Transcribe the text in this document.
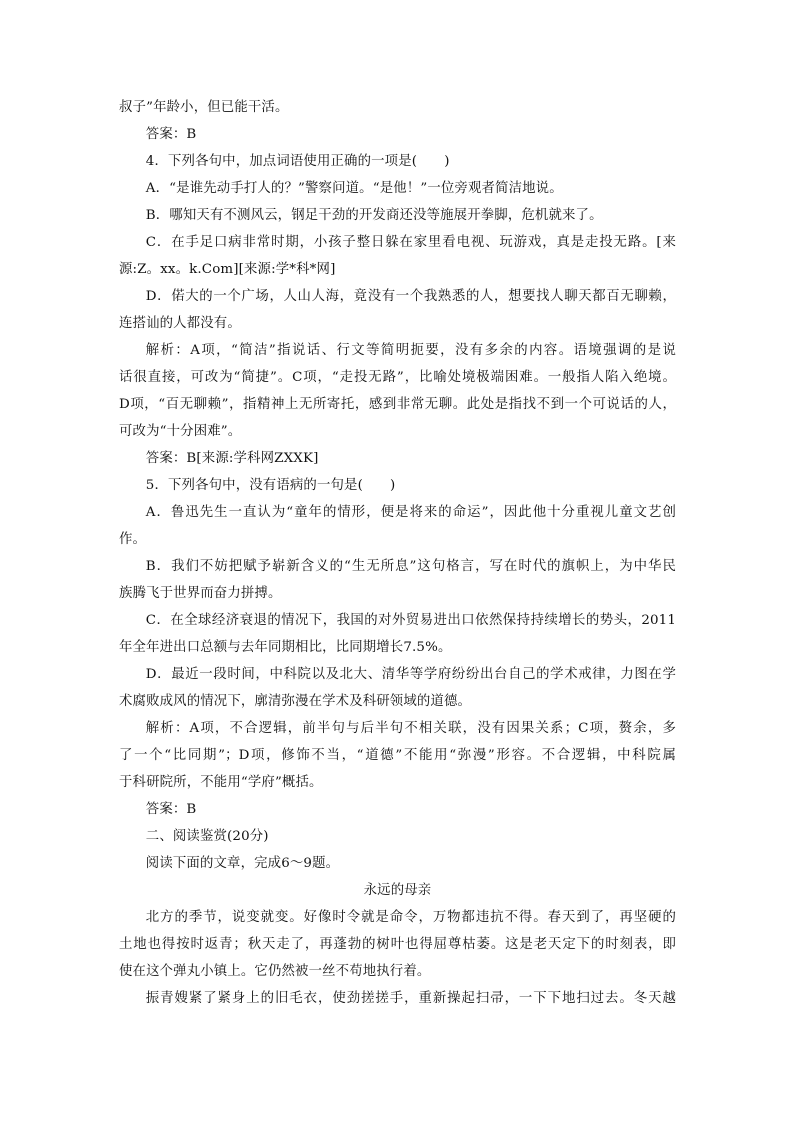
叔子”年龄小，但已能干活。

答案：B

4．下列各句中，加点词语使用正确的一项是(　　)

A．“是谁先动手打人的？”警察问道。“是他！”一位旁观者简洁地说。

B．哪知天有不测风云，钢足干劲的开发商还没等施展开拳脚，危机就来了。

C．在手足口病非常时期，小孩子整日躲在家里看电视、玩游戏，真是走投无路。[来

源:Z。xx。k.Com][来源:学*科*网]

D．偌大的一个广场，人山人海，竟没有一个我熟悉的人，想要找人聊天都百无聊赖，

连搭讪的人都没有。

解析：A项，“简洁”指说话、行文等简明扼要，没有多余的内容。语境强调的是说

话很直接，可改为“简捷”。C项，“走投无路”，比喻处境极端困难。一般指人陷入绝境。

D项，“百无聊赖”，指精神上无所寄托，感到非常无聊。此处是指找不到一个可说话的人，

可改为“十分困难”。

答案：B[来源:学科网ZXXK]

5．下列各句中，没有语病的一句是(　　)

A．鲁迅先生一直认为“童年的情形，便是将来的命运”，因此他十分重视儿童文艺创

作。

B．我们不妨把赋予崭新含义的“生无所息”这句格言，写在时代的旗帜上，为中华民

族腾飞于世界而奋力拼搏。

C．在全球经济衰退的情况下，我国的对外贸易进出口依然保持持续增长的势头，2011

年全年进出口总额与去年同期相比，比同期增长7.5%。

D．最近一段时间，中科院以及北大、清华等学府纷纷出台自己的学术戒律，力图在学

术腐败成风的情况下，廓清弥漫在学术及科研领域的道德。

解析：A项，不合逻辑，前半句与后半句不相关联，没有因果关系；C项，赘余，多

了一个“比同期”；D项，修饰不当，“道德”不能用“弥漫”形容。不合逻辑，中科院属

于科研院所，不能用“学府”概括。

答案：B

二、阅读鉴赏(20分)

阅读下面的文章，完成6～9题。

永远的母亲

北方的季节，说变就变。好像时令就是命令，万物都违抗不得。春天到了，再坚硬的

土地也得按时返青；秋天走了，再蓬勃的树叶也得屈尊枯萎。这是老天定下的时刻表，即

使在这个弹丸小镇上。它仍然被一丝不苟地执行着。

振青嫂紧了紧身上的旧毛衣，使劲搓搓手，重新操起扫帚，一下下地扫过去。冬天越
